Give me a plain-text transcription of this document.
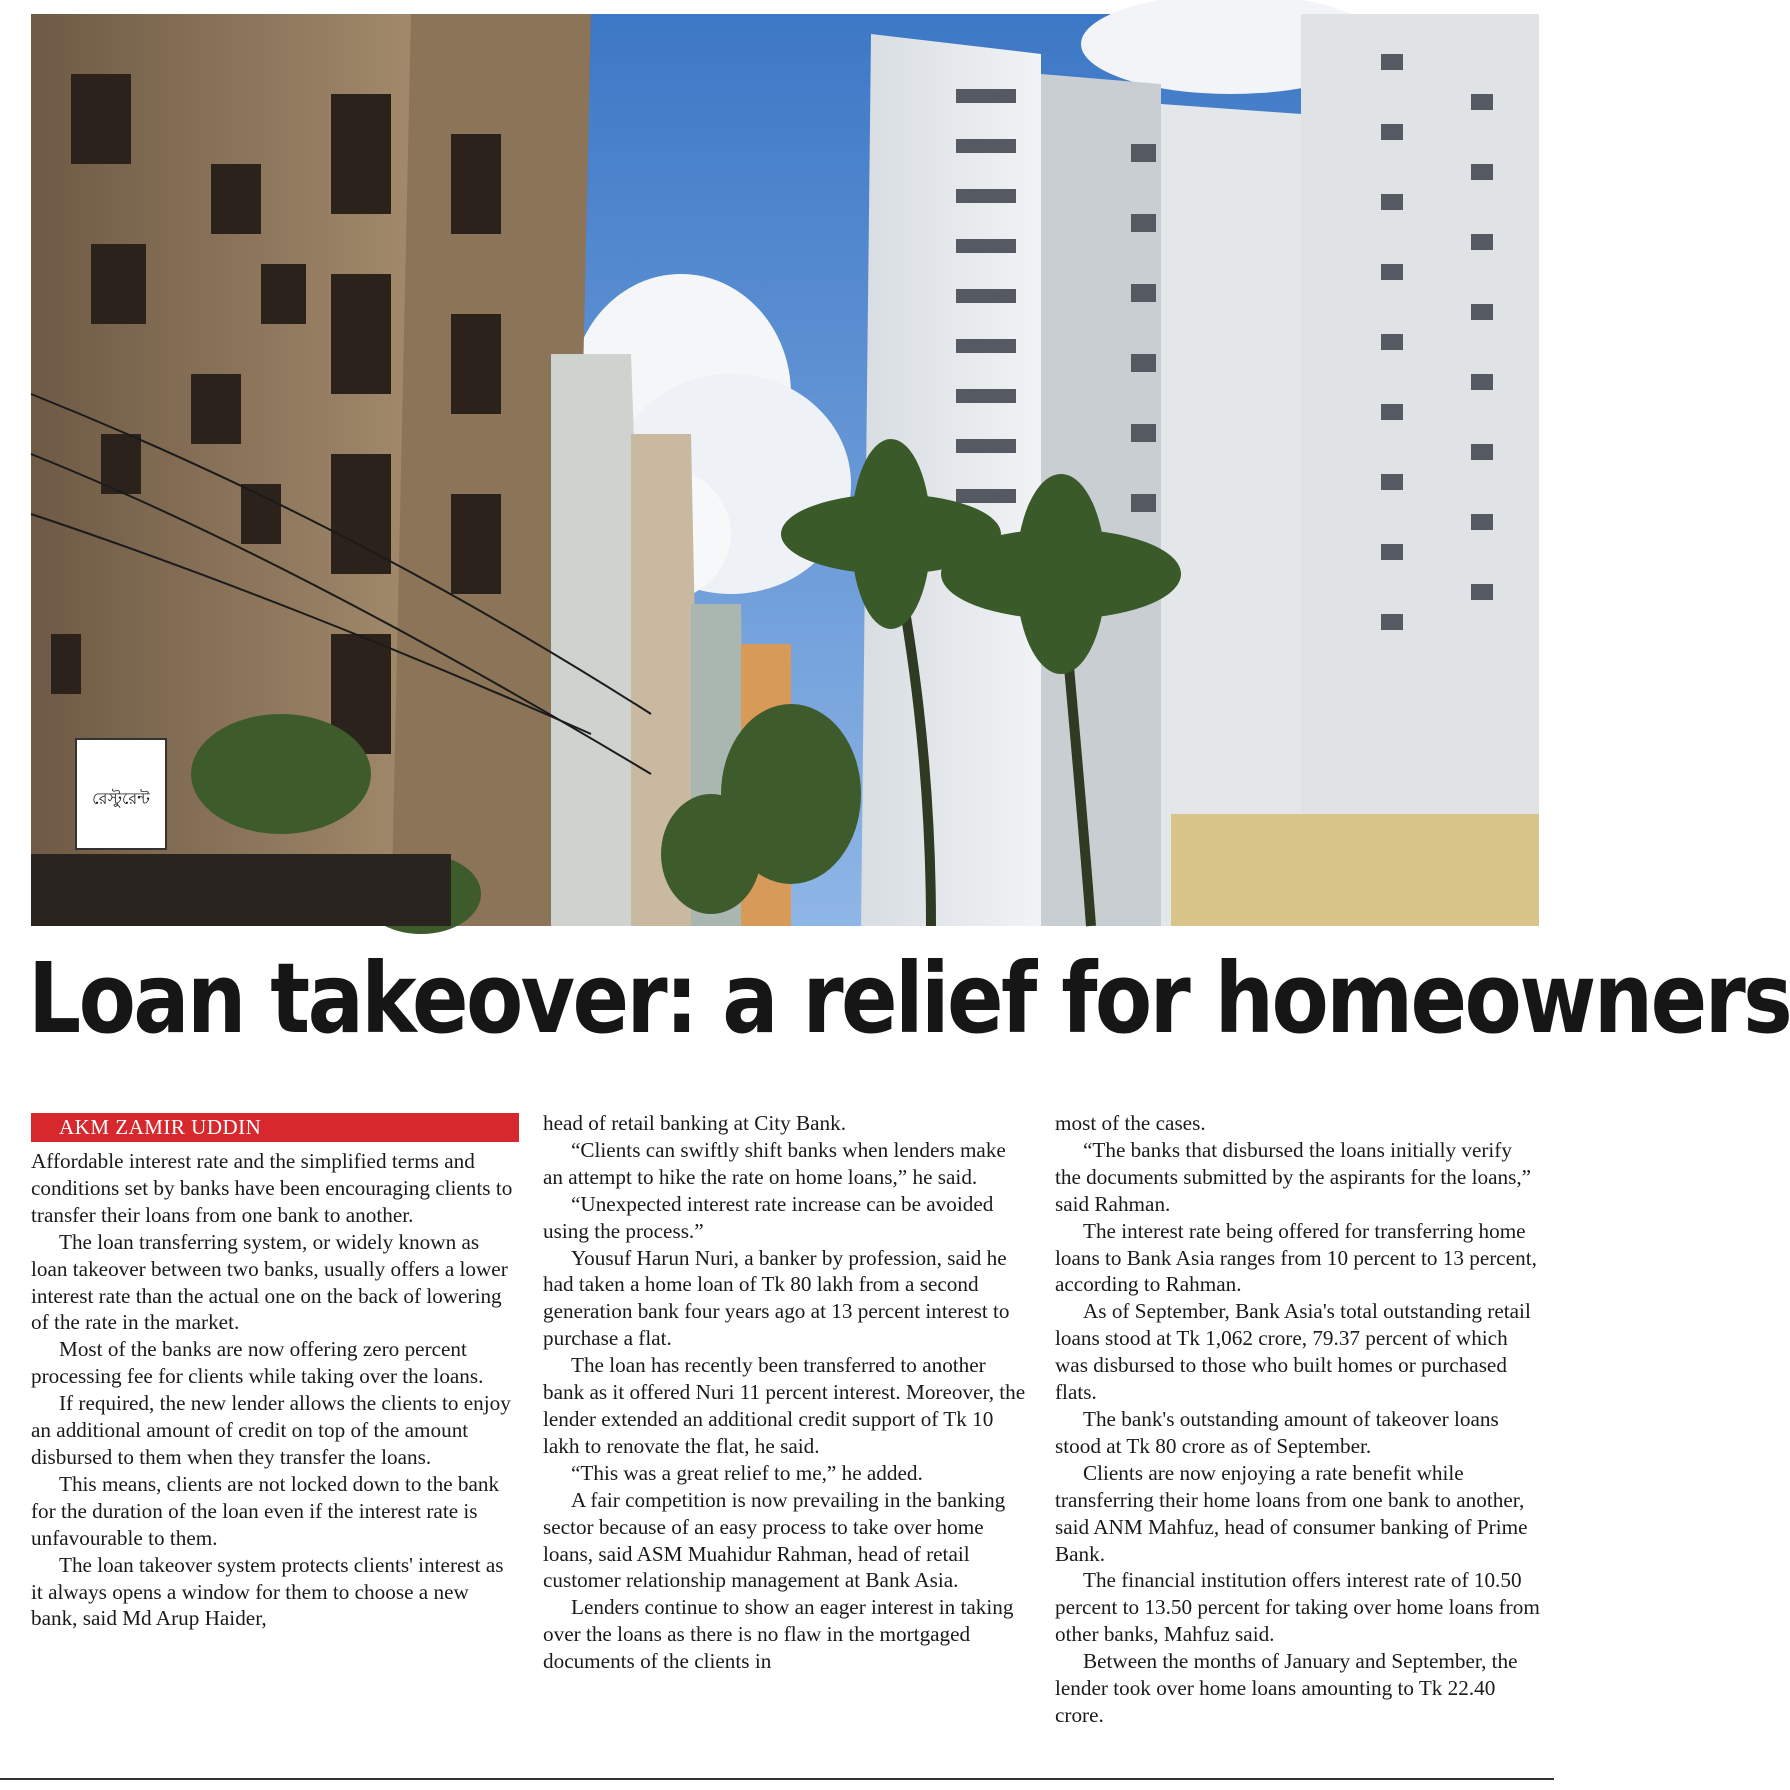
রেস্টুরেন্ট
Loan takeover: a relief for homeowners
AKM ZAMIR UDDIN

Affordable interest rate and the simplified terms and conditions set by banks have been encouraging clients to transfer their loans from one bank to another.

The loan transferring system, or widely known as loan takeover between two banks, usually offers a lower interest rate than the actual one on the back of lowering of the rate in the market.

Most of the banks are now offering zero percent processing fee for clients while taking over the loans.

If required, the new lender allows the clients to enjoy an additional amount of credit on top of the amount disbursed to them when they transfer the loans.

This means, clients are not locked down to the bank for the duration of the loan even if the interest rate is unfavourable to them.

The loan takeover system protects clients' interest as it always opens a window for them to choose a new bank, said Md Arup Haider,

head of retail banking at City Bank.

“Clients can swiftly shift banks when lenders make an attempt to hike the rate on home loans,” he said.

“Unexpected interest rate increase can be avoided using the process.”

Yousuf Harun Nuri, a banker by profession, said he had taken a home loan of Tk 80 lakh from a second generation bank four years ago at 13 percent interest to purchase a flat.

The loan has recently been transferred to another bank as it offered Nuri 11 percent interest. Moreover, the lender extended an additional credit support of Tk 10 lakh to renovate the flat, he said.

“This was a great relief to me,” he added.

A fair competition is now prevailing in the banking sector because of an easy process to take over home loans, said ASM Muahidur Rahman, head of retail customer relationship management at Bank Asia.

Lenders continue to show an eager interest in taking over the loans as there is no flaw in the mortgaged documents of the clients in

most of the cases.

“The banks that disbursed the loans initially verify the documents submitted by the aspirants for the loans,” said Rahman.

The interest rate being offered for transferring home loans to Bank Asia ranges from 10 percent to 13 percent, according to Rahman.

As of September, Bank Asia's total outstanding retail loans stood at Tk 1,062 crore, 79.37 percent of which was disbursed to those who built homes or purchased flats.

The bank's outstanding amount of takeover loans stood at Tk 80 crore as of September.

Clients are now enjoying a rate benefit while transferring their home loans from one bank to another, said ANM Mahfuz, head of consumer banking of Prime Bank.

The financial institution offers interest rate of 10.50 percent to 13.50 percent for taking over home loans from other banks, Mahfuz said.

Between the months of January and September, the lender took over home loans amounting to Tk 22.40 crore.
